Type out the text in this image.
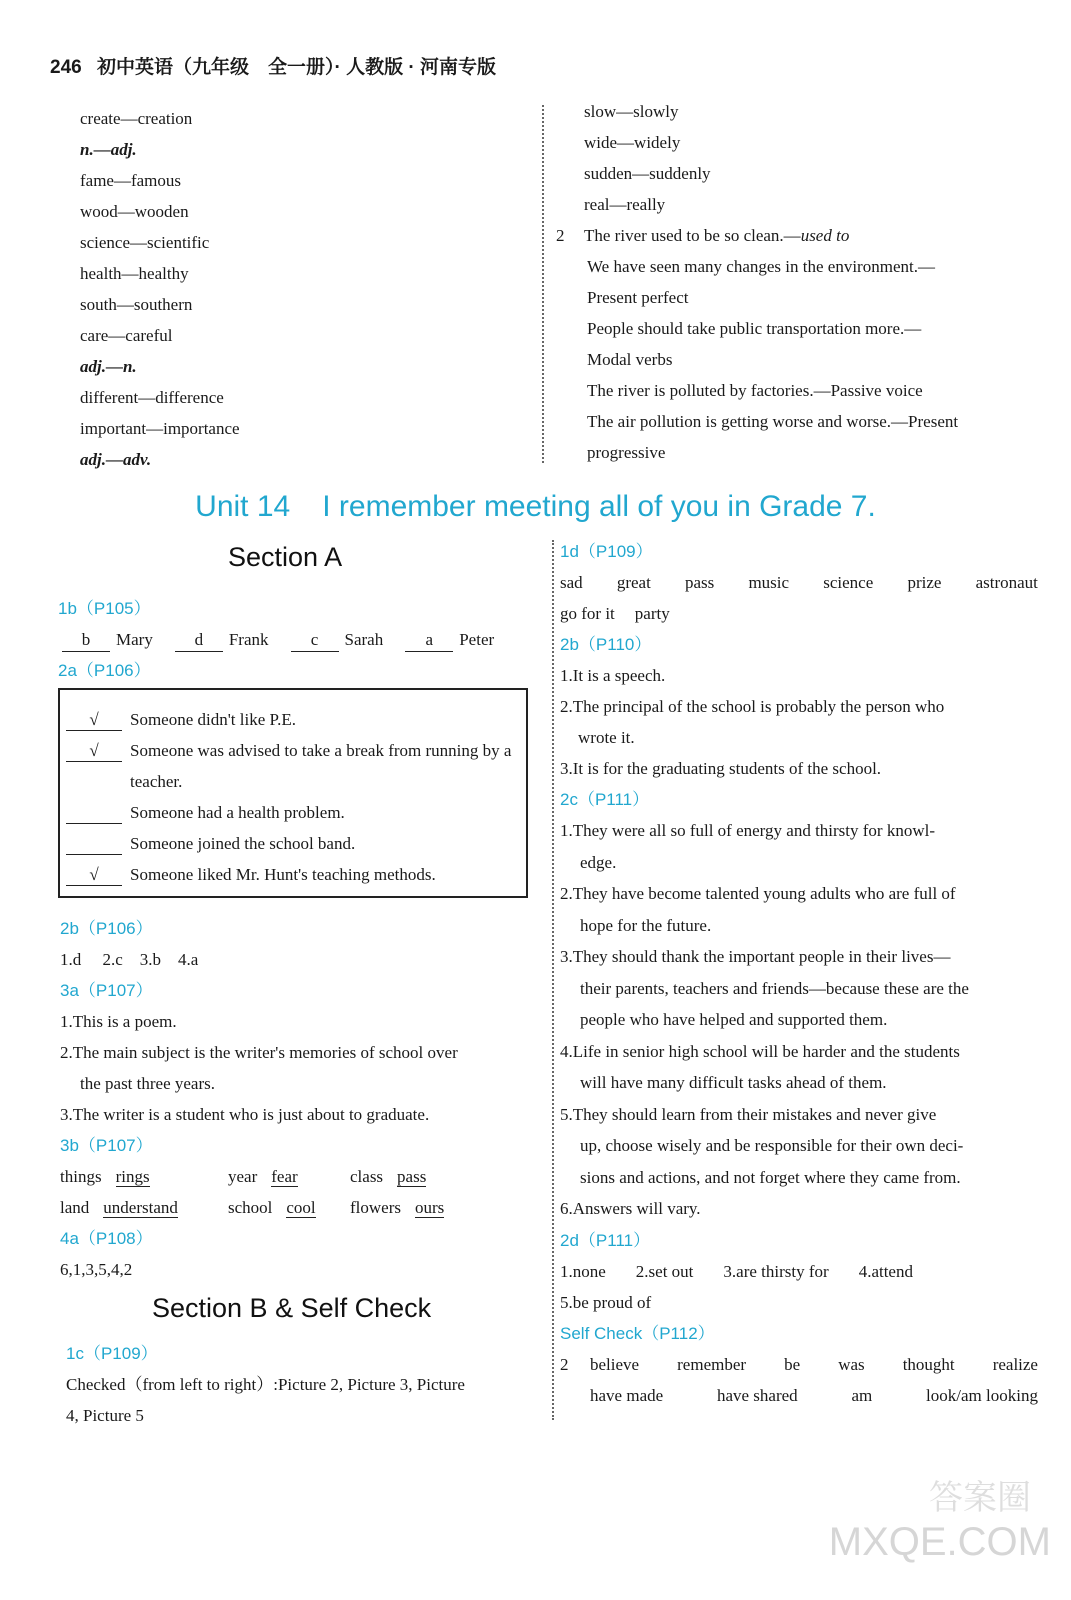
246 初中英语（九年级　全一册）· 人教版 · 河南专版
create—creation
n.—adj.
fame—famous
wood—wooden
science—scientific
health—healthy
south—southern
care—careful
adj.—n.
different—difference
important—importance
adj.—adv.
slow—slowly
wide—widely
sudden—suddenly
real—really
2 The river used to be so clean.—used to
We have seen many changes in the environment.—
Present perfect
People should take public transportation more.—
Modal verbs
The river is polluted by factories.—Passive voice
The air pollution is getting worse and worse.—Present
progressive
Unit 14 I remember meeting all of you in Grade 7.
Section A
1b（P105）
b Mary	d Frank	c Sarah	a Peter
2a（P106）
√	Someone didn't like P.E.
√	Someone was advised to take a break from running by a teacher.
Someone had a health problem.
Someone joined the school band.
√	Someone liked Mr. Hunt's teaching methods.
2b（P106）
1.d　 2.c　3.b　4.a
3a（P107）
1.This is a poem.
2.The main subject is the writer's memories of school over
the past three years.
3.The writer is a student who is just about to graduate.
3b（P107）
things rings	year fear	class pass
land understand	school cool	flowers ours
4a（P108）
6,1,3,5,4,2
Section B & Self Check
1c（P109）
Checked（from left to right）:Picture 2, Picture 3, Picture
4, Picture 5
1d（P109）
sad great pass music science prize astronaut
go for it party
2b（P110）
1.It is a speech.
2.The principal of the school is probably the person who
wrote it.
3.It is for the graduating students of the school.
2c（P111）
1.They were all so full of energy and thirsty for knowl-
edge.
2.They have become talented young adults who are full of
hope for the future.
3.They should thank the important people in their lives—
their parents, teachers and friends—because these are the
people who have helped and supported them.
4.Life in senior high school will be harder and the students
will have many difficult tasks ahead of them.
5.They should learn from their mistakes and never give
up, choose wisely and be responsible for their own deci-
sions and actions, and not forget where they came from.
6.Answers will vary.
2d（P111）
1.none 2.set out 3.are thirsty for 4.attend
5.be proud of
Self Check（P112）
2	believe remember be was thought realize
have made	have shared	am	look/am looking
答案圈
MXQE.COM
